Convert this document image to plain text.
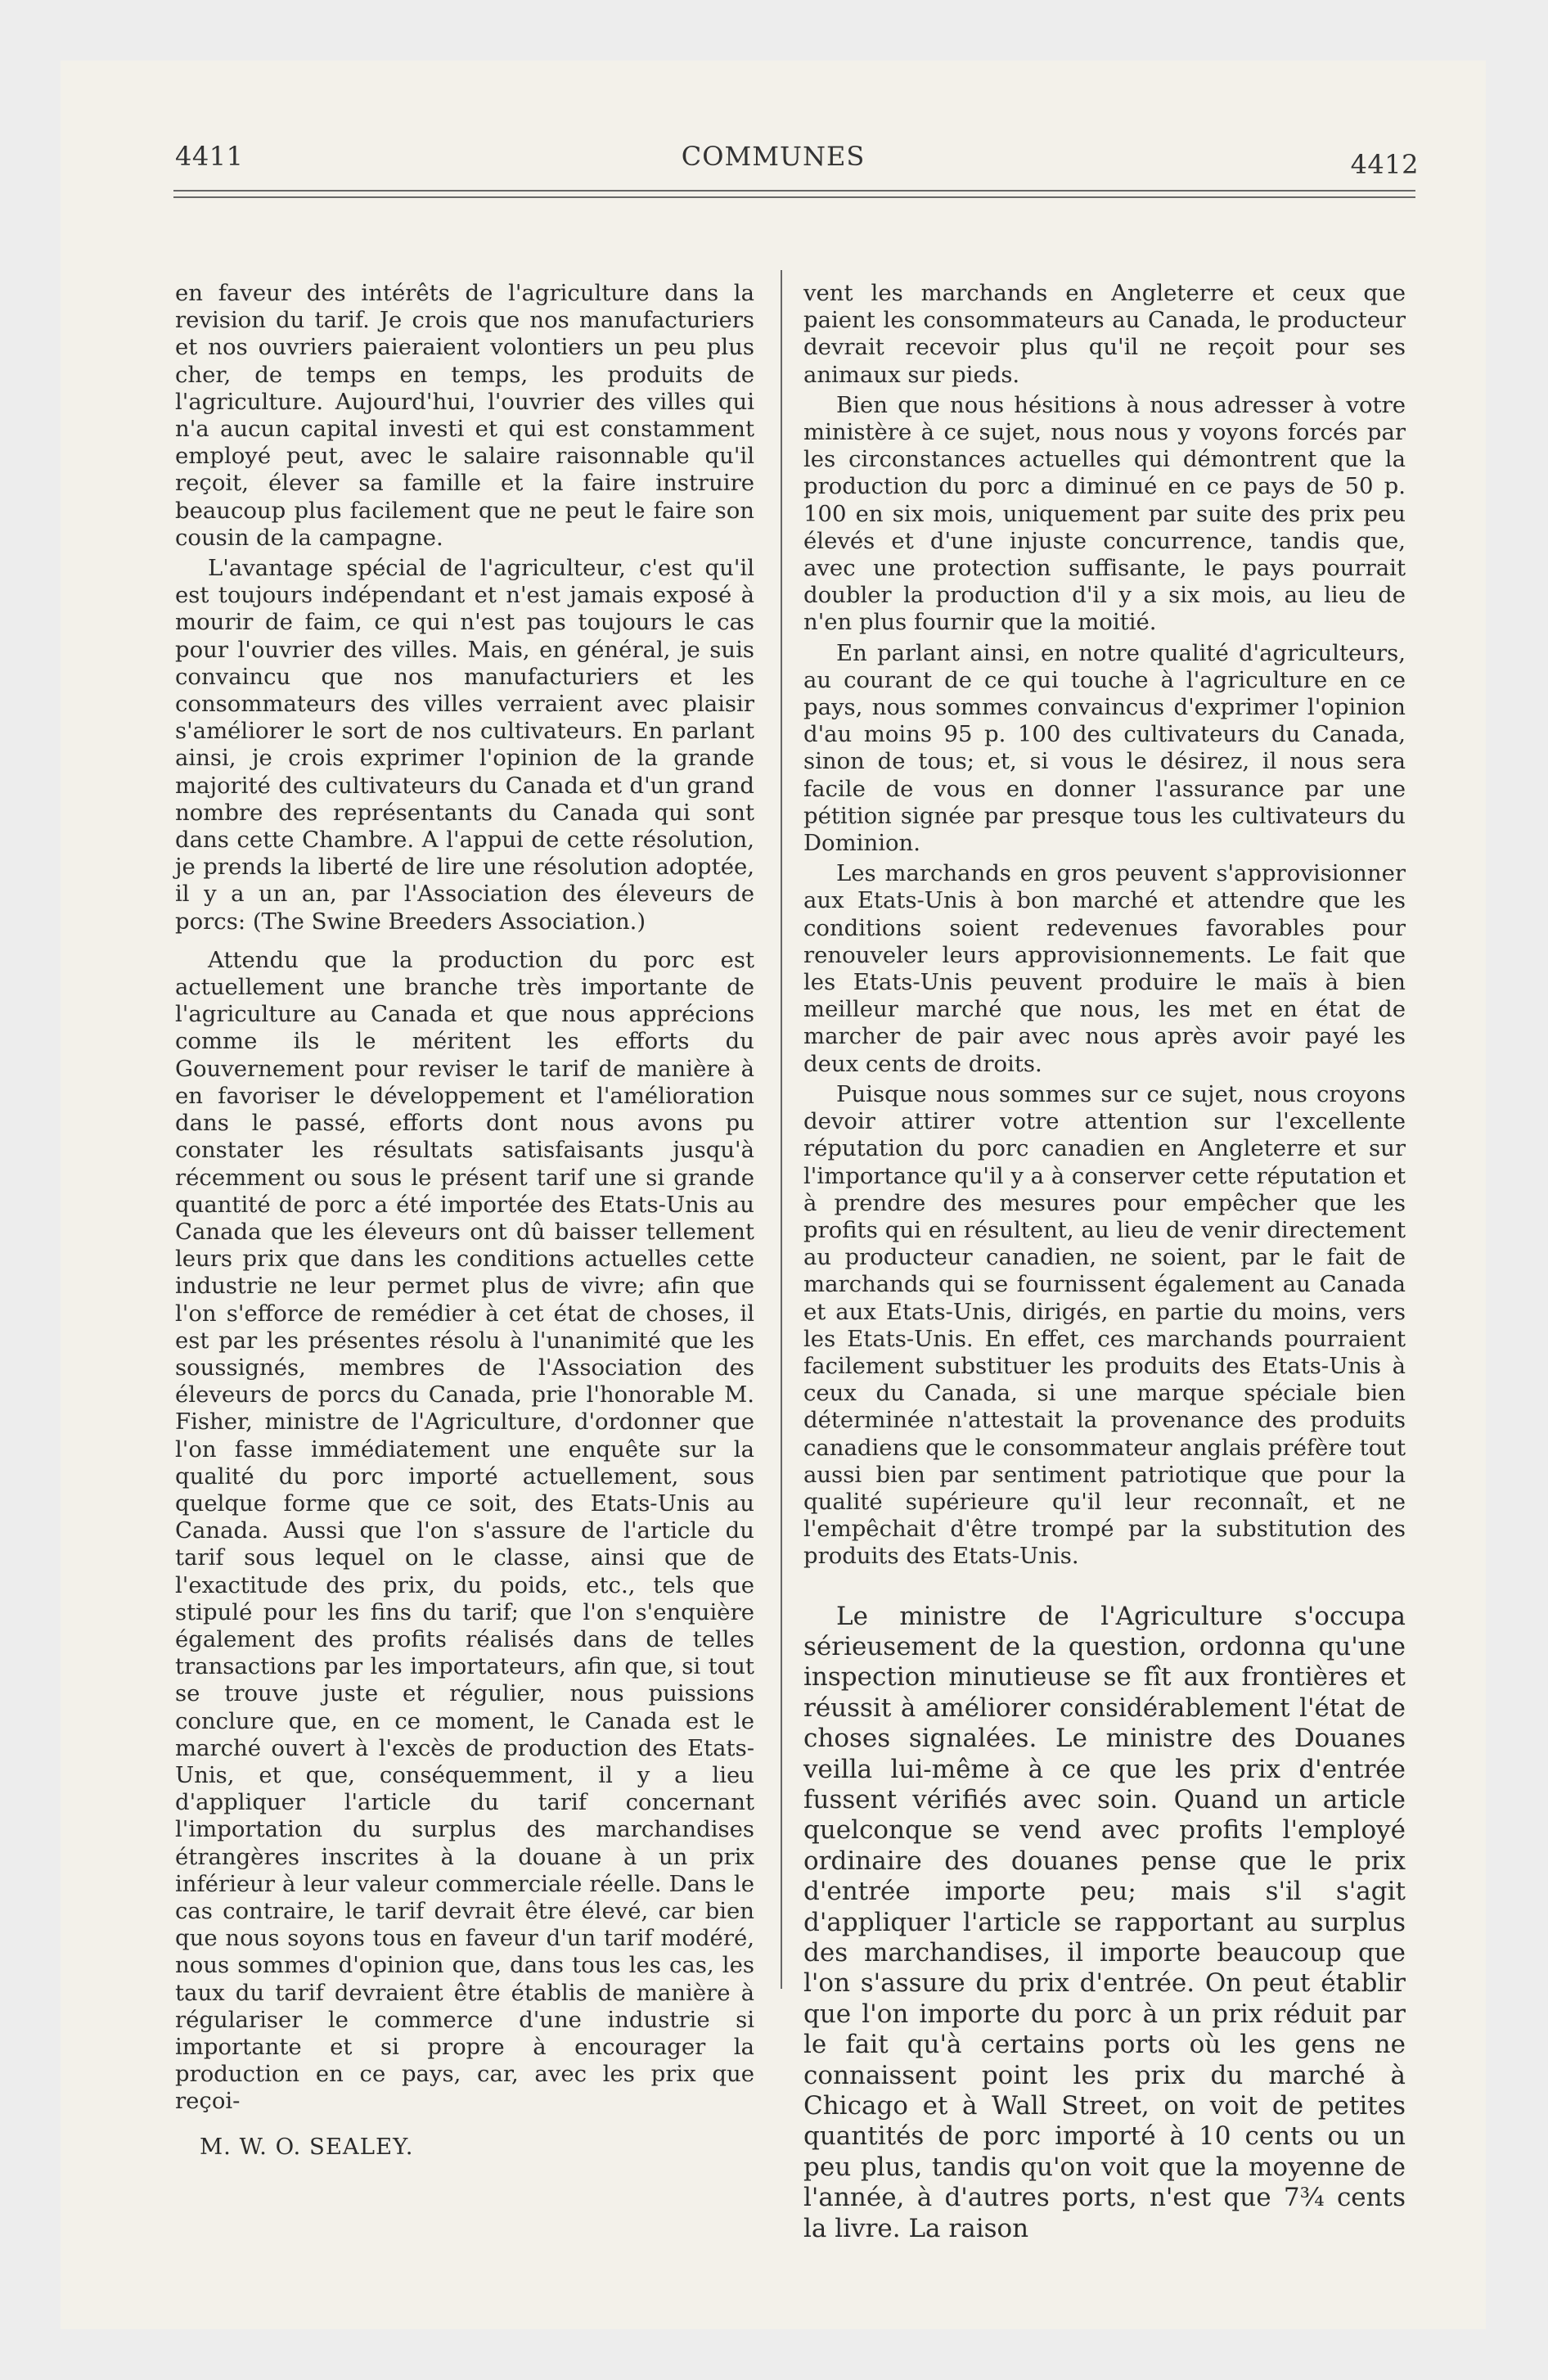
4411	COMMUNES	4412

en faveur des intérêts de l'agriculture dans la revision du tarif. Je crois que nos manufacturiers et nos ouvriers paieraient volontiers un peu plus cher, de temps en temps, les produits de l'agriculture. Aujourd'hui, l'ouvrier des villes qui n'a aucun capital investi et qui est constamment employé peut, avec le salaire raisonnable qu'il reçoit, élever sa famille et la faire instruire beaucoup plus facilement que ne peut le faire son cousin de la campagne.

L'avantage spécial de l'agriculteur, c'est qu'il est toujours indépendant et n'est jamais exposé à mourir de faim, ce qui n'est pas toujours le cas pour l'ouvrier des villes. Mais, en général, je suis convaincu que nos manufacturiers et les consommateurs des villes verraient avec plaisir s'améliorer le sort de nos cultivateurs. En parlant ainsi, je crois exprimer l'opinion de la grande majorité des cultivateurs du Canada et d'un grand nombre des représentants du Canada qui sont dans cette Chambre. A l'appui de cette résolution, je prends la liberté de lire une résolution adoptée, il y a un an, par l'Association des éleveurs de porcs: (The Swine Breeders Association.)

Attendu que la production du porc est actuellement une branche très importante de l'agriculture au Canada et que nous apprécions comme ils le méritent les efforts du Gouvernement pour reviser le tarif de manière à en favoriser le développement et l'amélioration dans le passé, efforts dont nous avons pu constater les résultats satisfaisants jusqu'à récemment ou sous le présent tarif une si grande quantité de porc a été importée des Etats-Unis au Canada que les éleveurs ont dû baisser tellement leurs prix que dans les conditions actuelles cette industrie ne leur permet plus de vivre; afin que l'on s'efforce de remédier à cet état de choses, il est par les présentes résolu à l'unanimité que les soussignés, membres de l'Association des éleveurs de porcs du Canada, prie l'honorable M. Fisher, ministre de l'Agriculture, d'ordonner que l'on fasse immédiatement une enquête sur la qualité du porc importé actuellement, sous quelque forme que ce soit, des Etats-Unis au Canada. Aussi que l'on s'assure de l'article du tarif sous lequel on le classe, ainsi que de l'exactitude des prix, du poids, etc., tels que stipulé pour les fins du tarif; que l'on s'enquière également des profits réalisés dans de telles transactions par les importateurs, afin que, si tout se trouve juste et régulier, nous puissions conclure que, en ce moment, le Canada est le marché ouvert à l'excès de production des Etats-Unis, et que, conséquemment, il y a lieu d'appliquer l'article du tarif concernant l'importation du surplus des marchandises étrangères inscrites à la douane à un prix inférieur à leur valeur commerciale réelle. Dans le cas contraire, le tarif devrait être élevé, car bien que nous soyons tous en faveur d'un tarif modéré, nous sommes d'opinion que, dans tous les cas, les taux du tarif devraient être établis de manière à régulariser le commerce d'une industrie si importante et si propre à encourager la production en ce pays, car, avec les prix que reçoi-

M. W. O. SEALEY.

vent les marchands en Angleterre et ceux que paient les consommateurs au Canada, le producteur devrait recevoir plus qu'il ne reçoit pour ses animaux sur pieds.

Bien que nous hésitions à nous adresser à votre ministère à ce sujet, nous nous y voyons forcés par les circonstances actuelles qui démontrent que la production du porc a diminué en ce pays de 50 p. 100 en six mois, uniquement par suite des prix peu élevés et d'une injuste concurrence, tandis que, avec une protection suffisante, le pays pourrait doubler la production d'il y a six mois, au lieu de n'en plus fournir que la moitié.

En parlant ainsi, en notre qualité d'agriculteurs, au courant de ce qui touche à l'agriculture en ce pays, nous sommes convaincus d'exprimer l'opinion d'au moins 95 p. 100 des cultivateurs du Canada, sinon de tous; et, si vous le désirez, il nous sera facile de vous en donner l'assurance par une pétition signée par presque tous les cultivateurs du Dominion.

Les marchands en gros peuvent s'approvisionner aux Etats-Unis à bon marché et attendre que les conditions soient redevenues favorables pour renouveler leurs approvisionnements. Le fait que les Etats-Unis peuvent produire le maïs à bien meilleur marché que nous, les met en état de marcher de pair avec nous après avoir payé les deux cents de droits.

Puisque nous sommes sur ce sujet, nous croyons devoir attirer votre attention sur l'excellente réputation du porc canadien en Angleterre et sur l'importance qu'il y a à conserver cette réputation et à prendre des mesures pour empêcher que les profits qui en résultent, au lieu de venir directement au producteur canadien, ne soient, par le fait de marchands qui se fournissent également au Canada et aux Etats-Unis, dirigés, en partie du moins, vers les Etats-Unis. En effet, ces marchands pourraient facilement substituer les produits des Etats-Unis à ceux du Canada, si une marque spéciale bien déterminée n'attestait la provenance des produits canadiens que le consommateur anglais préfère tout aussi bien par sentiment patriotique que pour la qualité supérieure qu'il leur reconnaît, et ne l'empêchait d'être trompé par la substitution des produits des Etats-Unis.

Le ministre de l'Agriculture s'occupa sérieusement de la question, ordonna qu'une inspection minutieuse se fît aux frontières et réussit à améliorer considérablement l'état de choses signalées. Le ministre des Douanes veilla lui-même à ce que les prix d'entrée fussent vérifiés avec soin. Quand un article quelconque se vend avec profits l'employé ordinaire des douanes pense que le prix d'entrée importe peu; mais s'il s'agit d'appliquer l'article se rapportant au surplus des marchandises, il importe beaucoup que l'on s'assure du prix d'entrée. On peut établir que l'on importe du porc à un prix réduit par le fait qu'à certains ports où les gens ne connaissent point les prix du marché à Chicago et à Wall Street, on voit de petites quantités de porc importé à 10 cents ou un peu plus, tandis qu'on voit que la moyenne de l'année, à d'autres ports, n'est que 7¾ cents la livre. La raison
